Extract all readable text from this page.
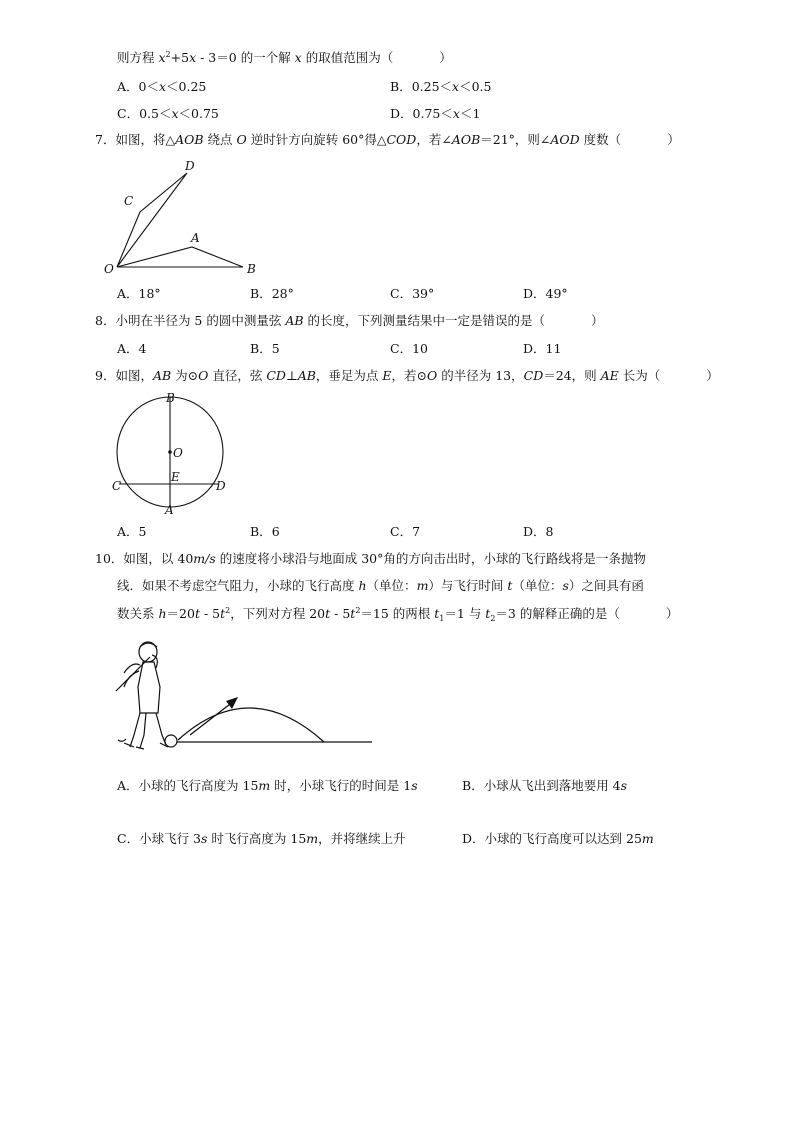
则方程 $x^2+5x - 3=0$ 的一个解 x 的取值范围为（	）
A．0＜x＜0.25	B．0.25＜x＜0.5
C．0.5＜x＜0.75	D．0.75＜x＜1
7．如图，将△AOB 绕点 O 逆时针方向旋转 60°得△COD，若∠AOB＝21°，则∠AOD 度数（	）
D
C
A
O	B
A．18°	B．28°	C．39°	D．49°
8．小明在半径为 5 的圆中测量弦 AB 的长度，下列测量结果中一定是错误的是（	）
A．4	B．5	C．10	D．11
9．如图，AB 为⊙O 直径，弦 CD⊥AB，垂足为点 E，若⊙O 的半径为 13，CD＝24，则 AE 长为（	）
B
O
E
C	D
A
A．5	B．6	C．7	D．8
10．如图，以 40m/s 的速度将小球沿与地面成 30°角的方向击出时，小球的飞行路线将是一条抛物
线．如果不考虑空气阻力，小球的飞行高度 h（单位：m）与飞行时间 t（单位：s）之间具有函
数关系 $h=20t - 5t^2$，下列对方程 $20t - 5t^2=15$ 的两根 $t_1=1$ 与 $t_2=3$ 的解释正确的是（	）
A．小球的飞行高度为 15m 时，小球飞行的时间是 1s	B．小球从飞出到落地要用 4s
C．小球飞行 3s 时飞行高度为 15m，并将继续上升	D．小球的飞行高度可以达到 25m
